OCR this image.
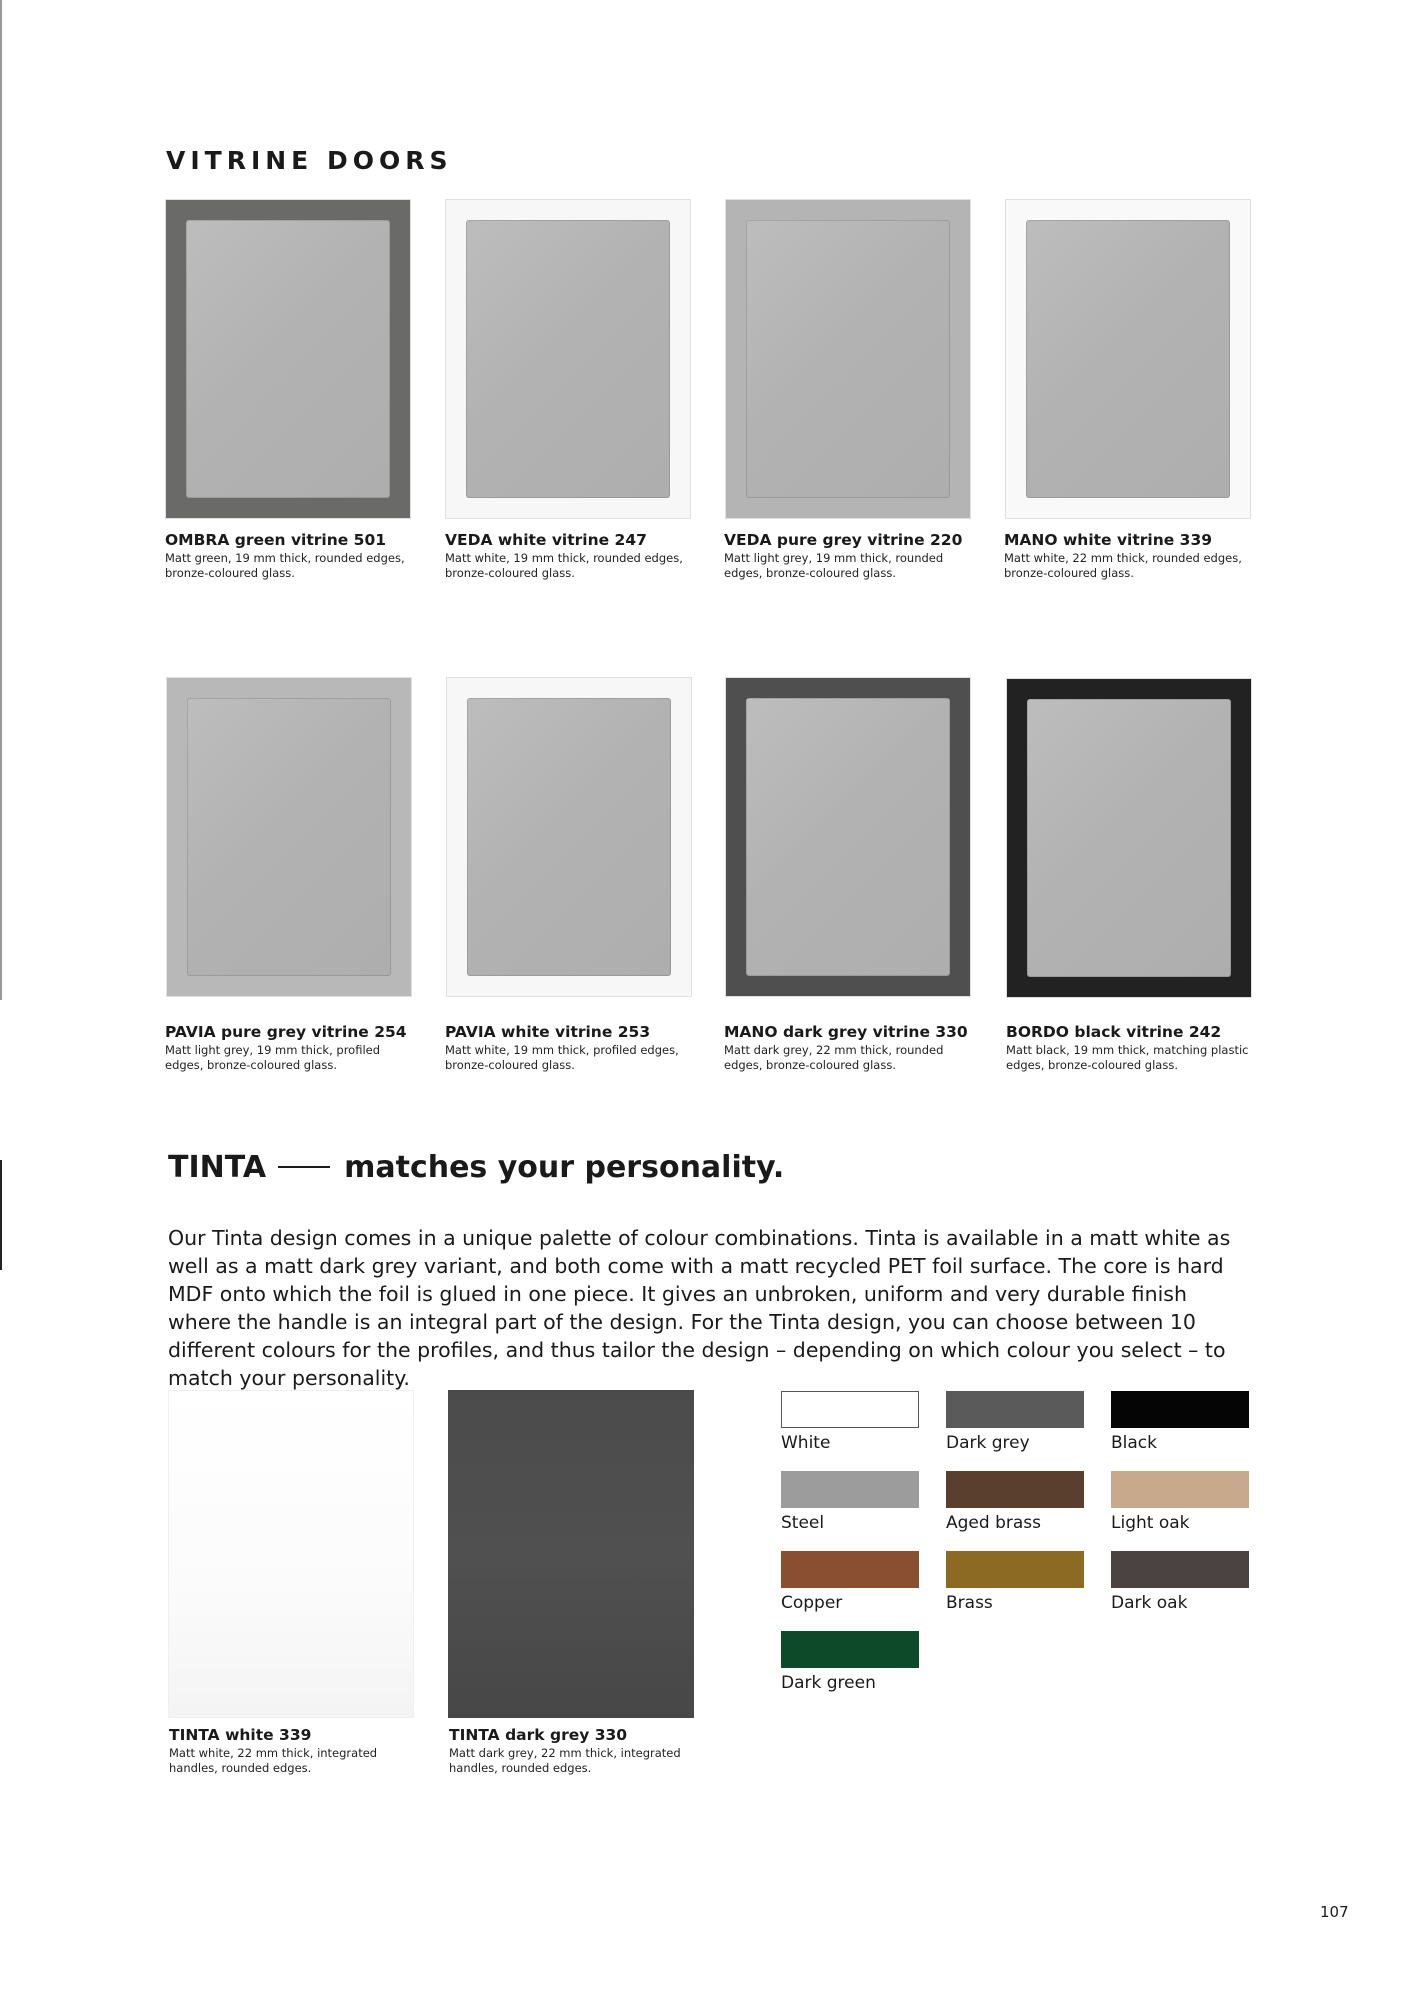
VITRINE DOORS
OMBRA green vitrine 501
Matt green, 19 mm thick, rounded edges, bronze-coloured glass.
VEDA white vitrine 247
Matt white, 19 mm thick, rounded edges, bronze-coloured glass.
VEDA pure grey vitrine 220
Matt light grey, 19 mm thick, rounded edges, bronze-coloured glass.
MANO white vitrine 339
Matt white, 22 mm thick, rounded edges, bronze-coloured glass.
PAVIA pure grey vitrine 254
Matt light grey, 19 mm thick, profiled edges, bronze-coloured glass.
PAVIA white vitrine 253
Matt white, 19 mm thick, profiled edges, bronze-coloured glass.
MANO dark grey vitrine 330
Matt dark grey, 22 mm thick, rounded edges, bronze-coloured glass.
BORDO black vitrine 242
Matt black, 19 mm thick, matching plastic edges, bronze-coloured glass.
TINTA	matches your personality.

Our Tinta design comes in a unique palette of colour combinations. Tinta is available in a matt white as well as a matt dark grey variant, and both come with a matt recycled PET foil surface. The core is hard MDF onto which the foil is glued in one piece. It gives an unbroken, uniform and very durable finish where the handle is an integral part of the design. For the Tinta design, you can choose between 10 different colours for the profiles, and thus tailor the design – depending on which colour you select – to match your personality.

TINTA white 339
Matt white, 22 mm thick, integrated handles, rounded edges.
TINTA dark grey 330
Matt dark grey, 22 mm thick, integrated handles, rounded edges.
White	Dark grey	Black
Steel	Aged brass	Light oak
Copper	Brass	Dark oak
Dark green
107
